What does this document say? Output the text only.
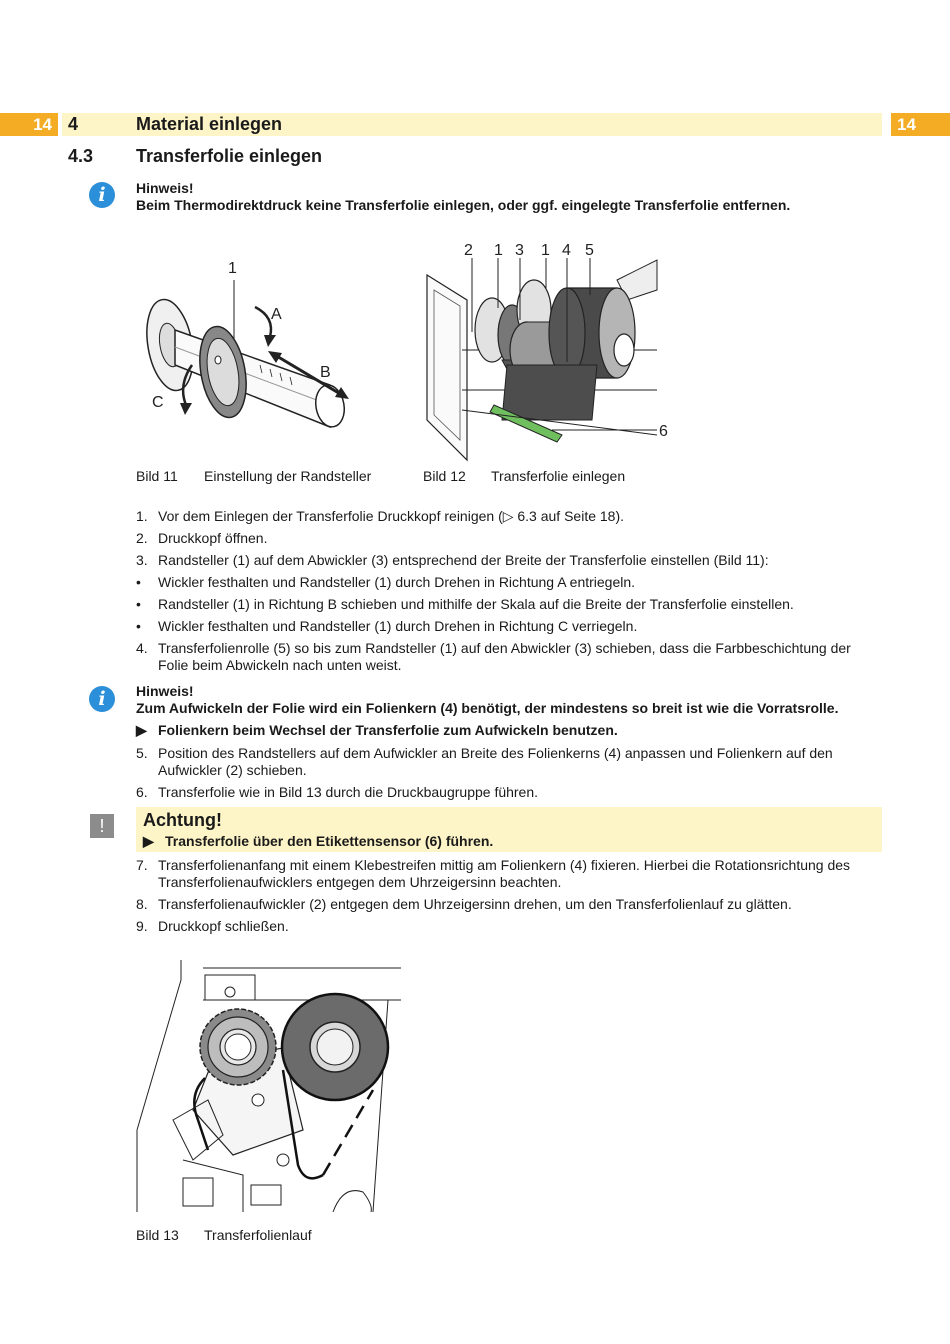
14 4	Material einlegen	14
4.3 Transferfolie einlegen
i	Hinweis!
Beim Thermodirektdruck keine Transferfolie einlegen, oder ggf. eingelegte Transferfolie entfernen.
1
A
B
C
2 1 3 1 4 5
6
Bild 11 Einstellung der Randsteller	Bild 12 Transferfolie einlegen
1. Vor dem Einlegen der Transferfolie Druckkopf reinigen (▷ 6.3 auf Seite 18).
2. Druckkopf öffnen.
3. Randsteller (1) auf dem Abwickler (3) entsprechend der Breite der Transferfolie einstellen (Bild 11):
• Wickler festhalten und Randsteller (1) durch Drehen in Richtung A entriegeln.
• Randsteller (1) in Richtung B schieben und mithilfe der Skala auf die Breite der Transferfolie einstellen.
• Wickler festhalten und Randsteller (1) durch Drehen in Richtung C verriegeln.
4. Transferfolienrolle (5) so bis zum Randsteller (1) auf den Abwickler (3) schieben, dass die Farbbeschichtung der Folie beim Abwickeln nach unten weist.
i	Hinweis!
Zum Aufwickeln der Folie wird ein Folienkern (4) benötigt, der mindestens so breit ist wie die Vorratsrolle.
▶ Folienkern beim Wechsel der Transferfolie zum Aufwickeln benutzen.
5. Position des Randstellers auf dem Aufwickler an Breite des Folienkerns (4) anpassen und Folienkern auf den Aufwickler (2) schieben.
6. Transferfolie wie in Bild 13 durch die Druckbaugruppe führen.
!	Achtung!
▶ Transferfolie über den Etikettensensor (6) führen.
7. Transferfolienanfang mit einem Klebestreifen mittig am Folienkern (4) fixieren. Hierbei die Rotationsrichtung des Transferfolienaufwicklers entgegen dem Uhrzeigersinn beachten.
8. Transferfolienaufwickler (2) entgegen dem Uhrzeigersinn drehen, um den Transferfolienlauf zu glätten.
9. Druckkopf schließen.
Bild 13 Transferfolienlauf
